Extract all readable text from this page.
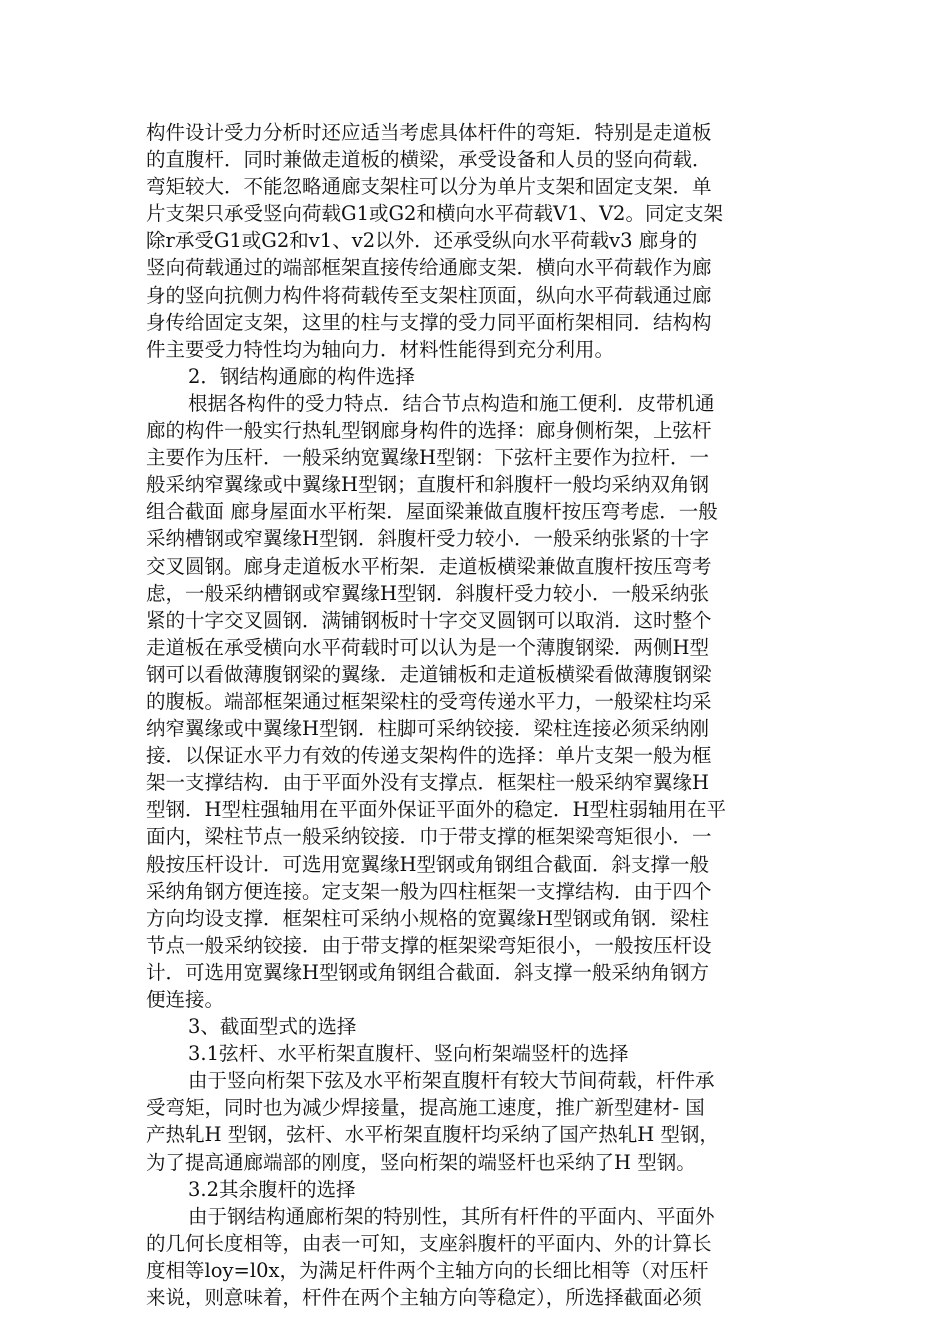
构件设计受力分析时还应适当考虑具体杆件的弯矩．特别是走道板
的直腹杆．同时兼做走道板的横梁，承受设备和人员的竖向荷载．
弯矩较大．不能忽略通廊支架柱可以分为单片支架和固定支架．单
片支架只承受竖向荷载G1或G2和横向水平荷载V1、V2。同定支架
除r承受G1或G2和v1、v2以外．还承受纵向水平荷载v3 廊身的
竖向荷载通过的端部框架直接传给通廊支架．横向水平荷载作为廊
身的竖向抗侧力构件将荷载传至支架柱顶面，纵向水平荷载通过廊
身传给固定支架，这里的柱与支撑的受力同平面桁架相同．结构构
件主要受力特性均为轴向力．材料性能得到充分利用。
2．钢结构通廊的构件选择
根据各构件的受力特点．结合节点构造和施工便利．皮带机通
廊的构件一般实行热轧型钢廊身构件的选择：廊身侧桁架，上弦杆
主要作为压杆．一般采纳宽翼缘H型钢：下弦杆主要作为拉杆．一
般采纳窄翼缘或中翼缘H型钢；直腹杆和斜腹杆一般均采纳双角钢
组合截面 廊身屋面水平桁架．屋面梁兼做直腹杆按压弯考虑．一般
采纳槽钢或窄翼缘H型钢．斜腹杆受力较小．一般采纳张紧的十字
交叉圆钢。廊身走道板水平桁架．走道板横梁兼做直腹杆按压弯考
虑，一般采纳槽钢或窄翼缘H型钢．斜腹杆受力较小．一般采纳张
紧的十字交叉圆钢．满铺钢板时十字交叉圆钢可以取消．这时整个
走道板在承受横向水平荷载时可以认为是一个薄腹钢梁．两侧H型
钢可以看做薄腹钢梁的翼缘．走道铺板和走道板横梁看做薄腹钢梁
的腹板。端部框架通过框架梁柱的受弯传递水平力，一般梁柱均采
纳窄翼缘或中翼缘H型钢．柱脚可采纳铰接．梁柱连接必须采纳刚
接．以保证水平力有效的传递支架构件的选择：单片支架一般为框
架一支撑结构．由于平面外没有支撑点．框架柱一般采纳窄翼缘H
型钢．H型柱强轴用在平面外保证平面外的稳定．H型柱弱轴用在平
面内，梁柱节点一般采纳铰接．巾于带支撑的框架梁弯矩很小．一
般按压杆设计．可选用宽翼缘H型钢或角钢组合截面．斜支撑一般
采纳角钢方便连接。定支架一般为四柱框架一支撑结构．由于四个
方向均设支撑．框架柱可采纳小规格的宽翼缘H型钢或角钢．梁柱
节点一般采纳铰接．由于带支撑的框架梁弯矩很小，一般按压杆设
计．可选用宽翼缘H型钢或角钢组合截面．斜支撑一般采纳角钢方
便连接。
3、截面型式的选择
3.1弦杆、水平桁架直腹杆、竖向桁架端竖杆的选择
由于竖向桁架下弦及水平桁架直腹杆有较大节间荷载，杆件承
受弯矩，同时也为减少焊接量，提高施工速度，推广新型建材- 国
产热轧H 型钢，弦杆、水平桁架直腹杆均采纳了国产热轧H 型钢，
为了提高通廊端部的刚度，竖向桁架的端竖杆也采纳了H 型钢。
3.2其余腹杆的选择
由于钢结构通廊桁架的特别性，其所有杆件的平面内、平面外
的几何长度相等，由表一可知，支座斜腹杆的平面内、外的计算长
度相等loy=l0x，为满足杆件两个主轴方向的长细比相等（对压杆
来说，则意味着，杆件在两个主轴方向等稳定），所选择截面必须
